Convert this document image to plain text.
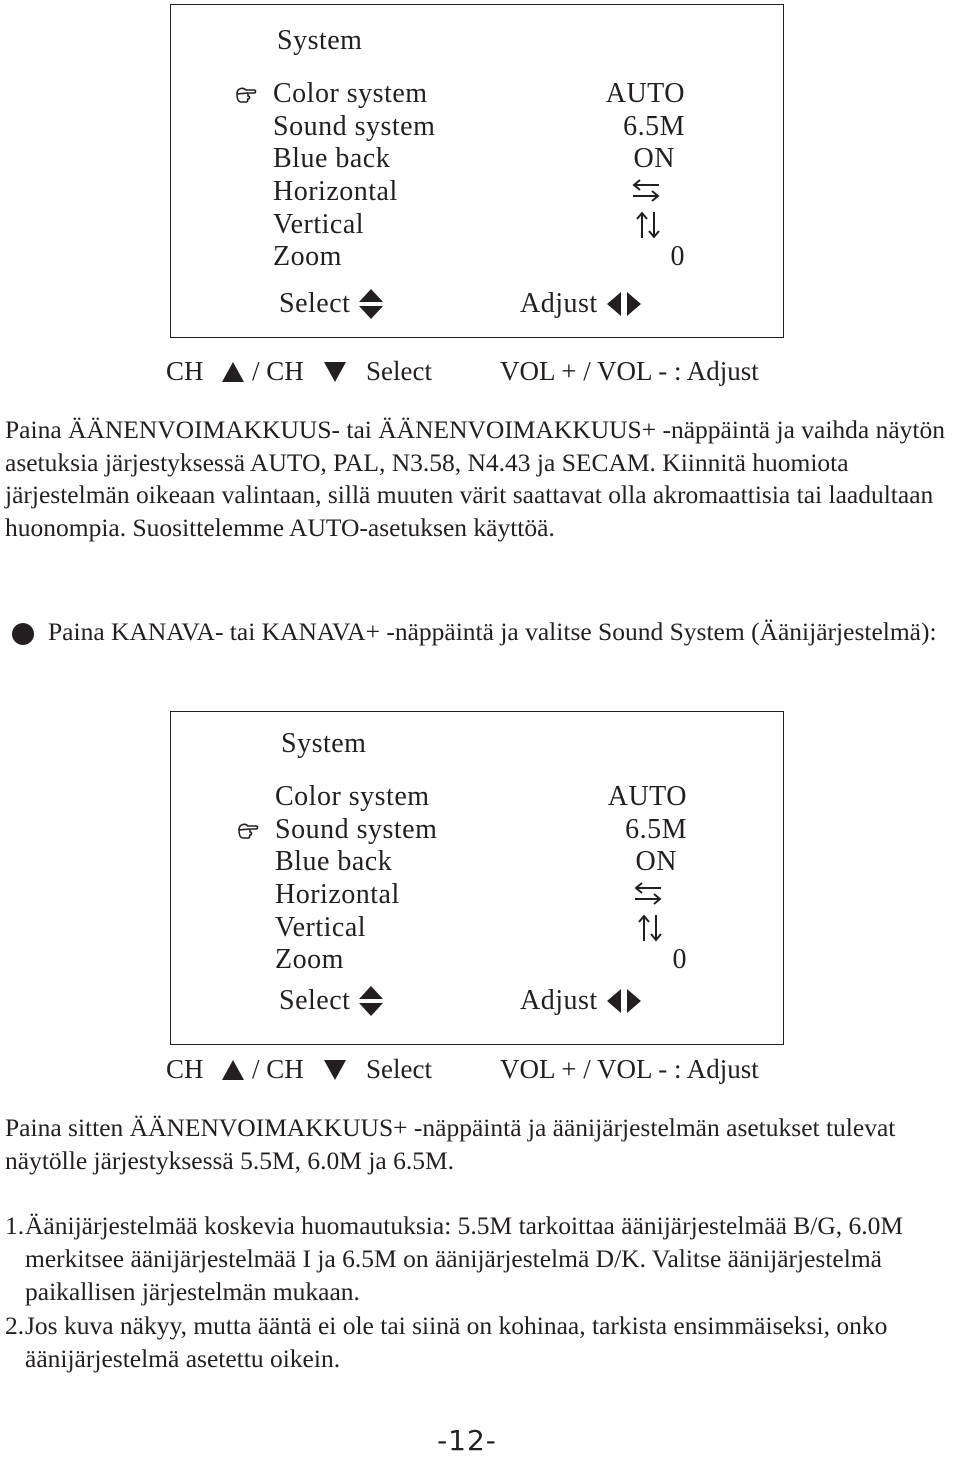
System
Color system	AUTO
Sound system	6.5M
Blue back	ON
Horizontal
Vertical
Zoom	0
Select	Adjust
CH / CH Select	VOL + / VOL - : Adjust
Paina ÄÄNENVOIMAKKUUS- tai ÄÄNENVOIMAKKUUS+ -näppäintä ja vaihda näytön asetuksia järjestyksessä AUTO, PAL, N3.58, N4.43 ja SECAM. Kiinnitä huomiota järjestelmän oikeaan valintaan, sillä muuten värit saattavat olla akromaattisia tai laadultaan huonompia. Suosittelemme AUTO-asetuksen käyttöä.
Paina KANAVA- tai KANAVA+ -näppäintä ja valitse Sound System (Äänijärjestelmä):
System
Color system	AUTO
Sound system	6.5M
Blue back	ON
Horizontal
Vertical
Zoom	0
Select	Adjust
CH / CH Select	VOL + / VOL - : Adjust
Paina sitten ÄÄNENVOIMAKKUUS+ -näppäintä ja äänijärjestelmän asetukset tulevat näytölle järjestyksessä 5.5M, 6.0M ja 6.5M.
1. Äänijärjestelmää koskevia huomautuksia: 5.5M tarkoittaa äänijärjestelmää B/G, 6.0M merkitsee äänijärjestelmää I ja 6.5M on äänijärjestelmä D/K. Valitse äänijärjestelmä paikallisen järjestelmän mukaan.
2. Jos kuva näkyy, mutta ääntä ei ole tai siinä on kohinaa, tarkista ensimmäiseksi, onko äänijärjestelmä asetettu oikein.
-12-
